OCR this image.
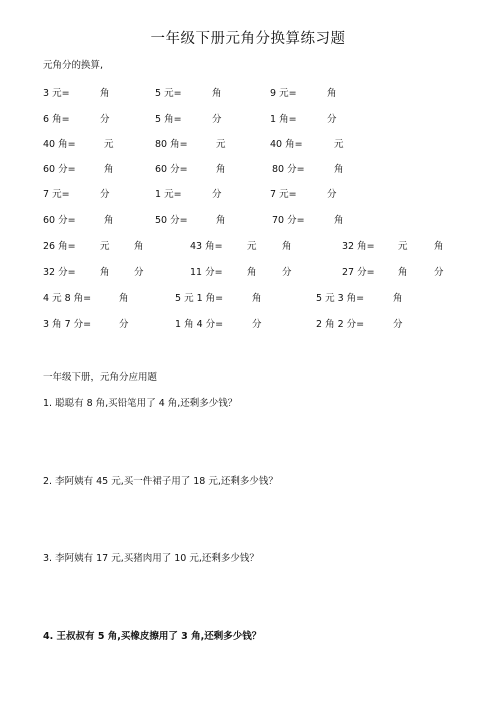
一年级下册元角分换算练习题
元角分的换算,
3 元=	角	5 元=	角	9 元=	角
6 角=	分	5 角=	分	1 角=	分
40 角=	元	80 角=	元	40 角=	元
60 分=	角	60 分=	角	80 分=	角
7 元=	分	1 元=	分	7 元=	分
60 分=	角	50 分=	角	70 分=	角
26 角=	元	角	43 角=	元	角	32 角= 元	角
32 分=	角	分	11 分=	角	分	27 分= 角	分
4 元 8 角=	角	5 元 1 角=	角	5 元 3 角=	角
3 角 7 分=	分	1 角 4 分=	分	2 角 2 分=	分
一年级下册，元角分应用题
1. 聪聪有 8 角,买铅笔用了 4 角,还剩多少钱？
2. 李阿姨有 45 元,买一件裙子用了 18 元,还剩多少钱？
3. 李阿姨有 17 元,买猪肉用了 10 元,还剩多少钱？
4. 王叔叔有 5 角,买橡皮擦用了 3 角,还剩多少钱？
